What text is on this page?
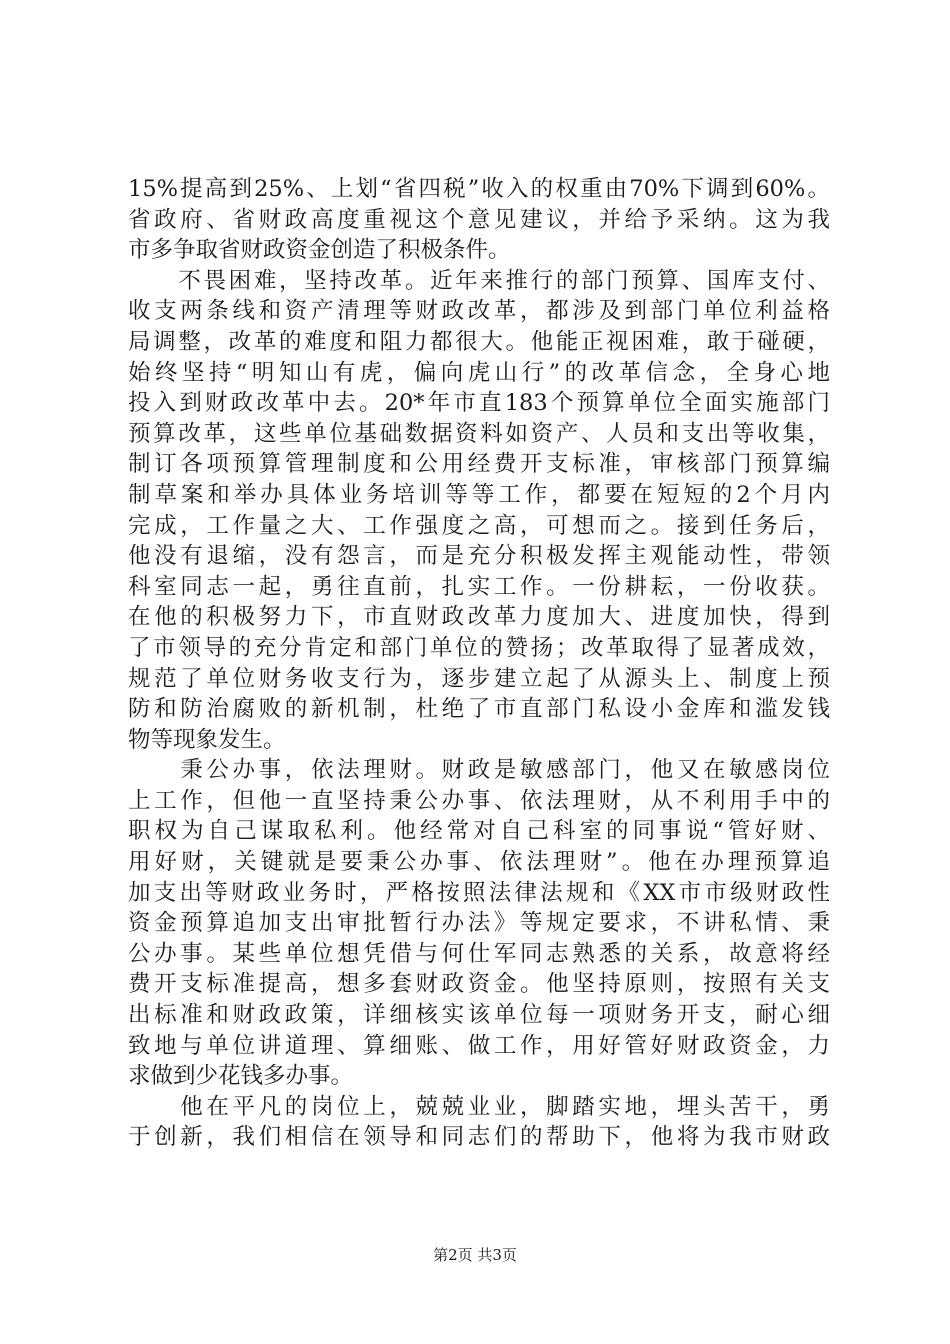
15%提高到25%、上划“省四税”收入的权重由70%下调到60%。
省政府、省财政高度重视这个意见建议，并给予采纳。这为我
市多争取省财政资金创造了积极条件。
　　不畏困难，坚持改革。近年来推行的部门预算、国库支付、
收支两条线和资产清理等财政改革，都涉及到部门单位利益格
局调整，改革的难度和阻力都很大。他能正视困难，敢于碰硬，
始终坚持“明知山有虎，偏向虎山行”的改革信念，全身心地
投入到财政改革中去。20*年市直183个预算单位全面实施部门
预算改革，这些单位基础数据资料如资产、人员和支出等收集，
制订各项预算管理制度和公用经费开支标准，审核部门预算编
制草案和举办具体业务培训等等工作，都要在短短的2个月内
完成，工作量之大、工作强度之高，可想而之。接到任务后，
他没有退缩，没有怨言，而是充分积极发挥主观能动性，带领
科室同志一起，勇往直前，扎实工作。一份耕耘，一份收获。
在他的积极努力下，市直财政改革力度加大、进度加快，得到
了市领导的充分肯定和部门单位的赞扬；改革取得了显著成效，
规范了单位财务收支行为，逐步建立起了从源头上、制度上预
防和防治腐败的新机制，杜绝了市直部门私设小金库和滥发钱
物等现象发生。
　　秉公办事，依法理财。财政是敏感部门，他又在敏感岗位
上工作，但他一直坚持秉公办事、依法理财，从不利用手中的
职权为自己谋取私利。他经常对自己科室的同事说“管好财、
用好财，关键就是要秉公办事、依法理财”。他在办理预算追
加支出等财政业务时，严格按照法律法规和《XX市市级财政性
资金预算追加支出审批暂行办法》等规定要求，不讲私情、秉
公办事。某些单位想凭借与何仕军同志熟悉的关系，故意将经
费开支标准提高，想多套财政资金。他坚持原则，按照有关支
出标准和财政政策，详细核实该单位每一项财务开支，耐心细
致地与单位讲道理、算细账、做工作，用好管好财政资金，力
求做到少花钱多办事。
　　他在平凡的岗位上，兢兢业业，脚踏实地，埋头苦干，勇
于创新，我们相信在领导和同志们的帮助下，他将为我市财政
第2页 共3页
